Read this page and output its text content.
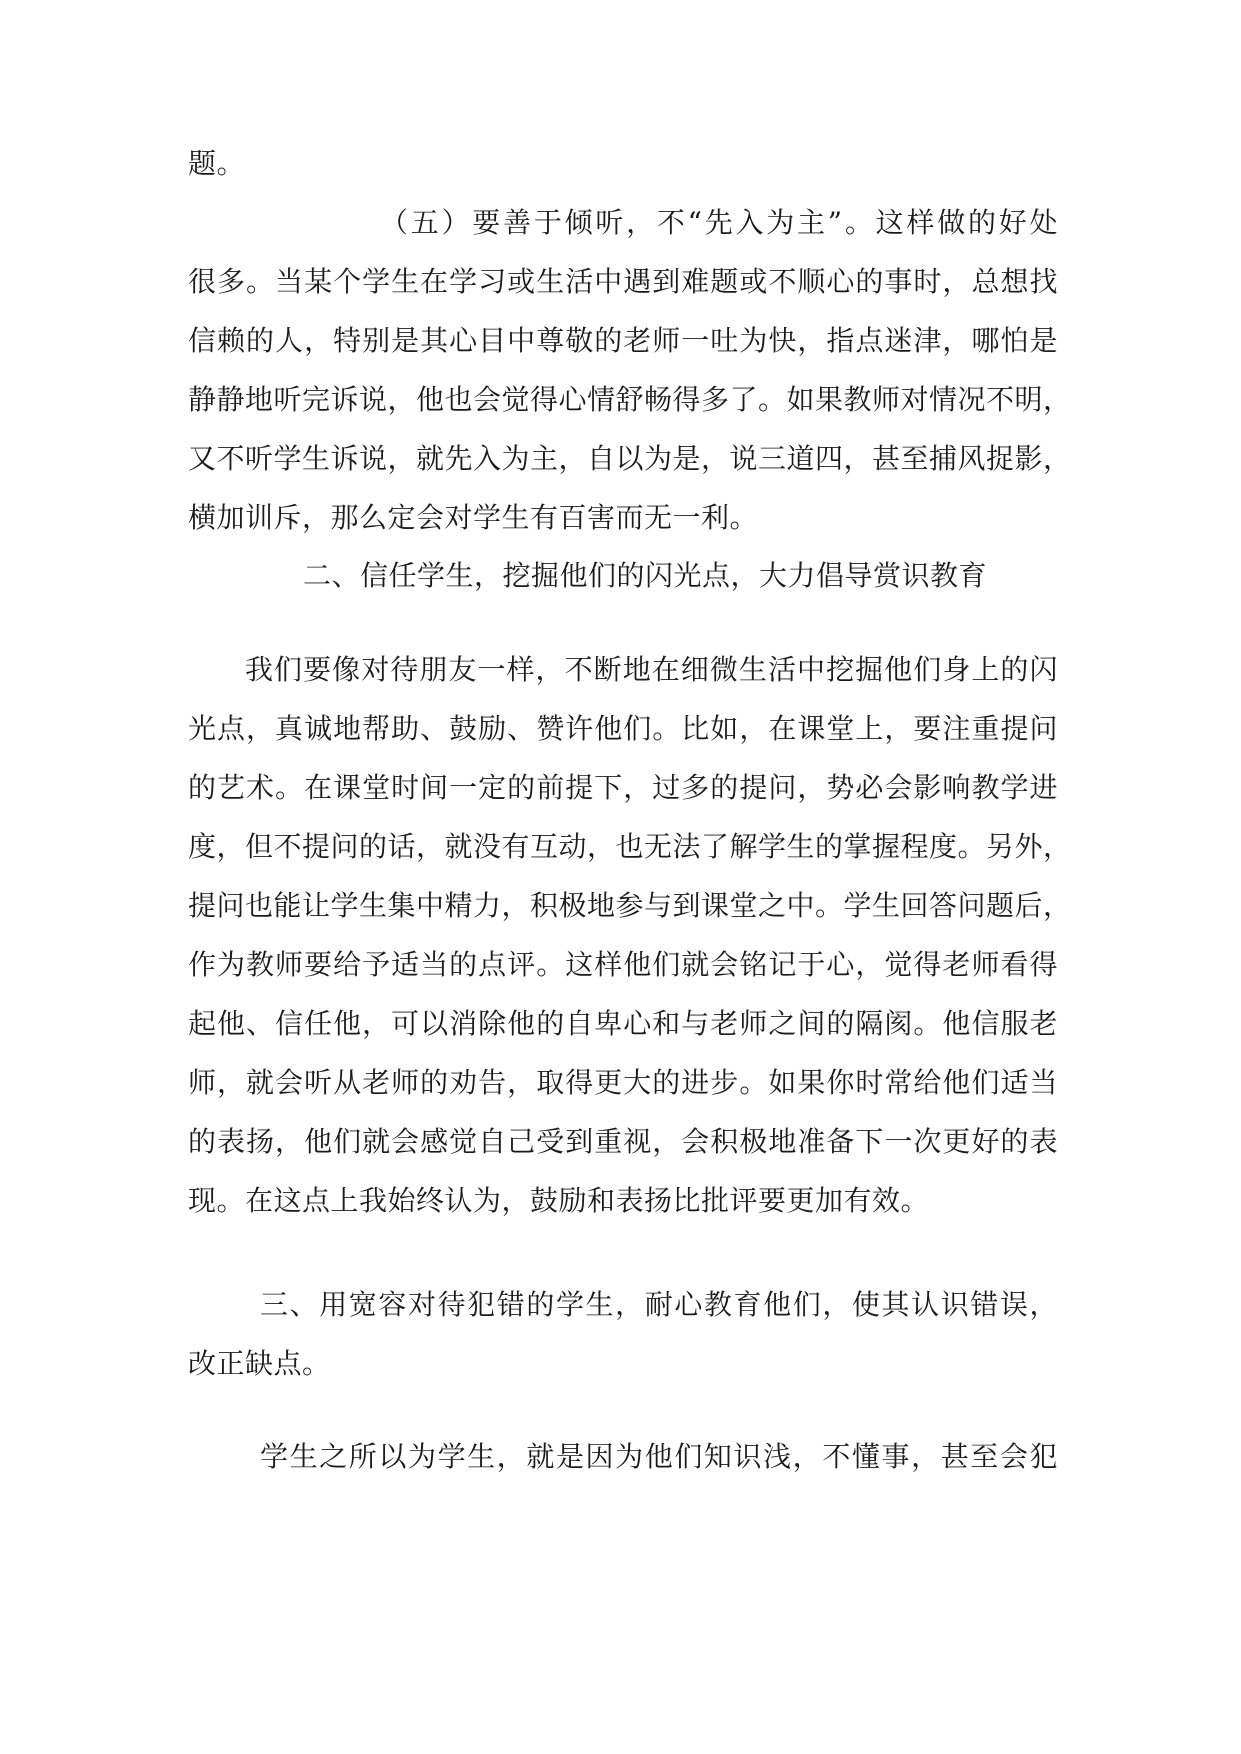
题。

（五）要善于倾听，不“先入为主”。这样做的好处

很多。当某个学生在学习或生活中遇到难题或不顺心的事时，总想找

信赖的人，特别是其心目中尊敬的老师一吐为快，指点迷津，哪怕是

静静地听完诉说，他也会觉得心情舒畅得多了。如果教师对情况不明，

又不听学生诉说，就先入为主，自以为是，说三道四，甚至捕风捉影，

横加训斥，那么定会对学生有百害而无一利。

二、信任学生，挖掘他们的闪光点，大力倡导赏识教育

我们要像对待朋友一样，不断地在细微生活中挖掘他们身上的闪

光点，真诚地帮助、鼓励、赞许他们。比如，在课堂上，要注重提问

的艺术。在课堂时间一定的前提下，过多的提问，势必会影响教学进

度，但不提问的话，就没有互动，也无法了解学生的掌握程度。另外，

提问也能让学生集中精力，积极地参与到课堂之中。学生回答问题后，

作为教师要给予适当的点评。这样他们就会铭记于心，觉得老师看得

起他、信任他，可以消除他的自卑心和与老师之间的隔阂。他信服老

师，就会听从老师的劝告，取得更大的进步。如果你时常给他们适当

的表扬，他们就会感觉自己受到重视，会积极地准备下一次更好的表

现。在这点上我始终认为，鼓励和表扬比批评要更加有效。

三、用宽容对待犯错的学生，耐心教育他们，使其认识错误，

改正缺点。

学生之所以为学生，就是因为他们知识浅，不懂事，甚至会犯
